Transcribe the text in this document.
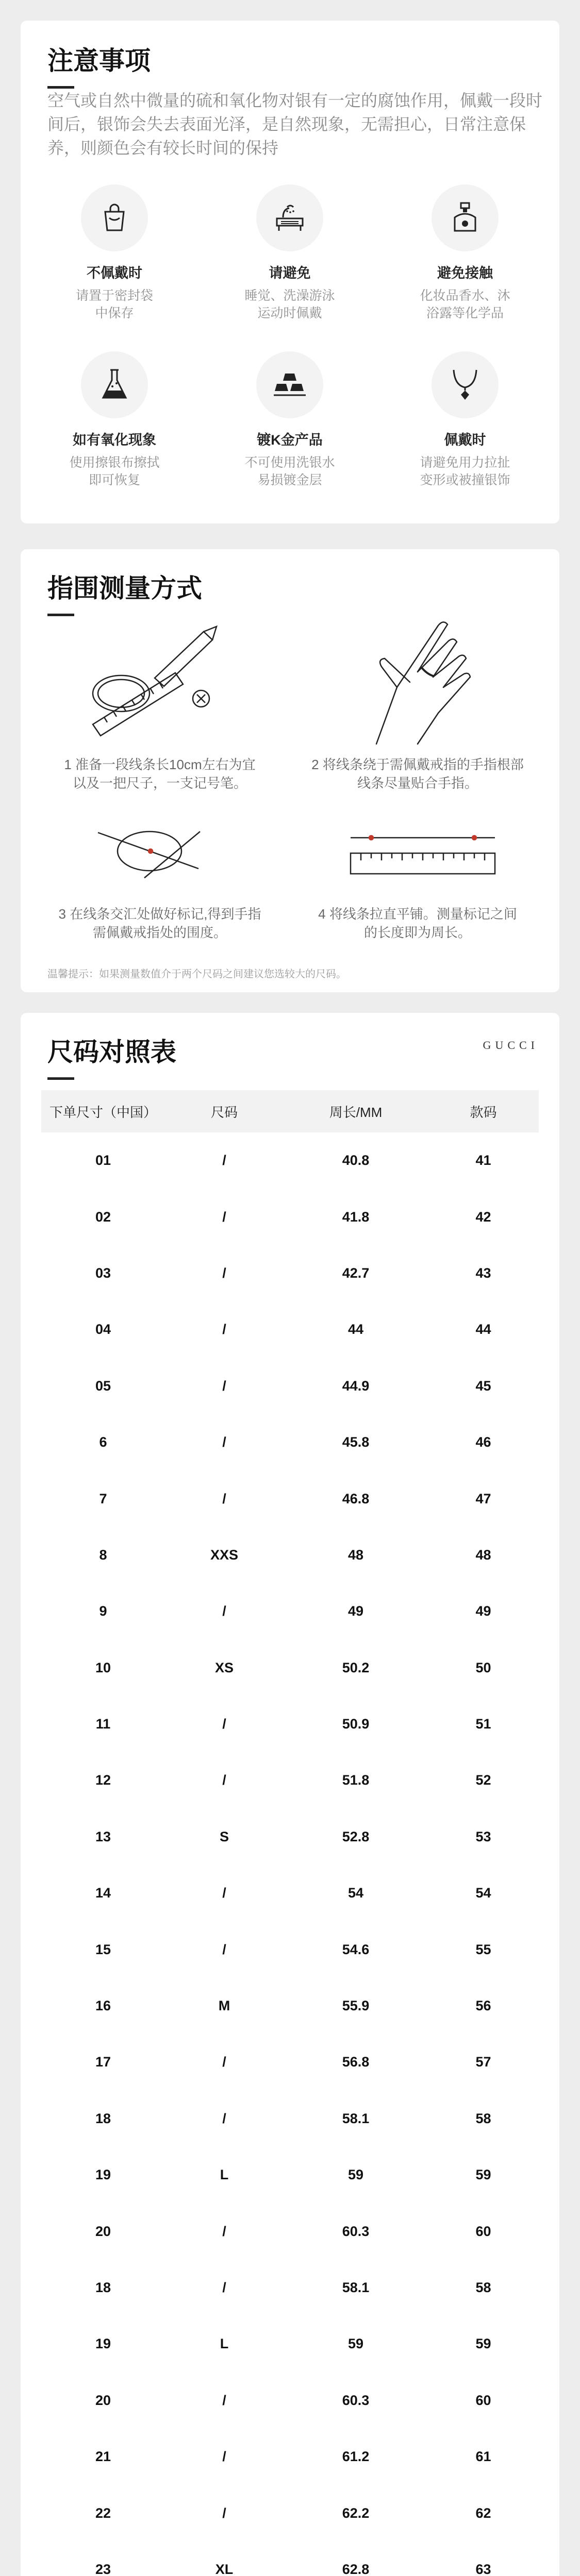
注意事项

空气或自然中微量的硫和氧化物对银有一定的腐蚀作用，佩戴一段时间后，银饰会失去表面光泽，是自然现象，无需担心，日常注意保养，则颜色会有较长时间的保持

不佩戴时
请置于密封袋
中保存
请避免
睡觉、洗澡游泳
运动时佩戴
避免接触
化妆品香水、沐
浴露等化学品
如有氧化现象
使用擦银布擦拭
即可恢复
镀K金产品
不可使用洗银水
易损镀金层
佩戴时
请避免用力拉扯
变形或被撞银饰
指围测量方式
1 准备一段线条长10cm左右为宜
以及一把尺子，一支记号笔。
2 将线条绕于需佩戴戒指的手指根部
线条尽量贴合手指。
3 在线条交汇处做好标记,得到手指
需佩戴戒指处的围度。
4 将线条拉直平铺。测量标记之间
的长度即为周长。
温馨提示：如果测量数值介于两个尺码之间建议您选较大的尺码。
尺码对照表	GUCCI
下单尺寸（中国）	尺码	周长/MM	款码
01	/	40.8	41
02	/	41.8	42
03	/	42.7	43
04	/	44	44
05	/	44.9	45
6	/	45.8	46
7	/	46.8	47
8	XXS	48	48
9	/	49	49
10	XS	50.2	50
11	/	50.9	51
12	/	51.8	52
13	S	52.8	53
14	/	54	54
15	/	54.6	55
16	M	55.9	56
17	/	56.8	57
18	/	58.1	58
19	L	59	59
20	/	60.3	60
18	/	58.1	58
19	L	59	59
20	/	60.3	60
21	/	61.2	61
22	/	62.2	62
23	XL	62.8	63
